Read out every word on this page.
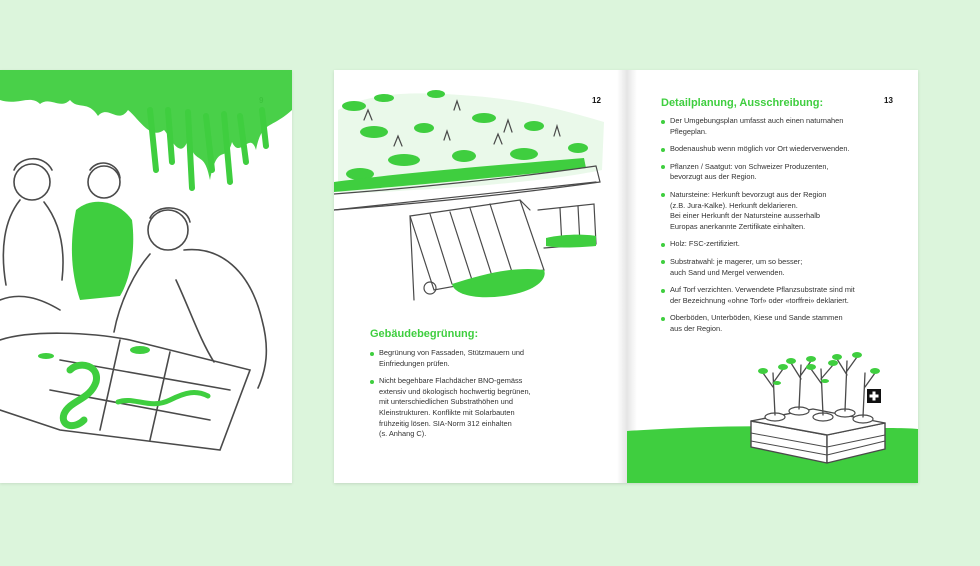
12
Gebäudebegrünung:
Begrünung von Fassaden, Stützmauern und
Einfriedungen prüfen.
Nicht begehbare Flachdächer BNO-gemäss
extensiv und ökologisch hochwertig begrünen,
mit unterschiedlichen Substrathöhen und
Kleinstrukturen. Konflikte mit Solarbauten
frühzeitig lösen. SIA-Norm 312 einhalten
(s. Anhang C).
13
Detailplanung, Ausschreibung:
Der Umgebungsplan umfasst auch einen naturnahen
Pflegeplan.
Bodenaushub wenn möglich vor Ort wiederverwenden.
Pflanzen / Saatgut: von Schweizer Produzenten,
bevorzugt aus der Region.
Natursteine: Herkunft bevorzugt aus der Region
(z.B. Jura-Kalke). Herkunft deklarieren.
Bei einer Herkunft der Natursteine ausserhalb
Europas anerkannte Zertifikate einhalten.
Holz: FSC-zertifiziert.
Substratwahl: je magerer, um so besser;
auch Sand und Mergel verwenden.
Auf Torf verzichten. Verwendete Pflanzsubstrate sind mit
der Bezeichnung «ohne Torf» oder «torffrei» deklariert.
Oberböden, Unterböden, Kiese und Sande stammen
aus der Region.
